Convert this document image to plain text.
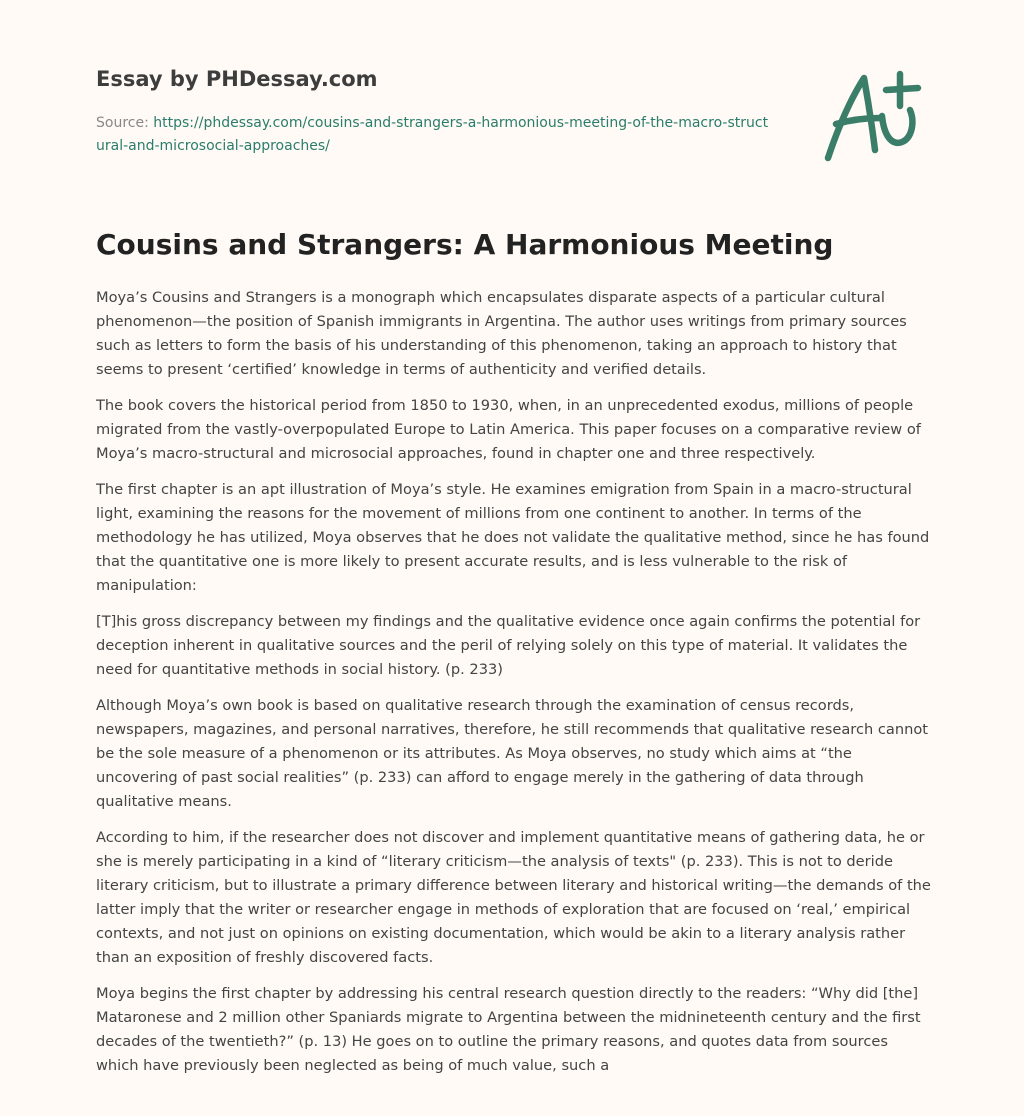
Essay by PHDessay.com
Source: https://phdessay.com/cousins-and-strangers-a-harmonious-meeting-of-the-macro-structural-and-microsocial-approaches/
Cousins and Strangers: A Harmonious Meeting

Moya’s Cousins and Strangers is a monograph which encapsulates disparate aspects of a particular cultural phenomenon—the position of Spanish immigrants in Argentina. The author uses writings from primary sources such as letters to form the basis of his understanding of this phenomenon, taking an approach to history that seems to present ‘certified’ knowledge in terms of authenticity and verified details.

The book covers the historical period from 1850 to 1930, when, in an unprecedented exodus, millions of people migrated from the vastly-overpopulated Europe to Latin America. This paper focuses on a comparative review of Moya’s macro-structural and microsocial approaches, found in chapter one and three respectively.

The first chapter is an apt illustration of Moya’s style. He examines emigration from Spain in a macro-structural light, examining the reasons for the movement of millions from one continent to another. In terms of the methodology he has utilized, Moya observes that he does not validate the qualitative method, since he has found that the quantitative one is more likely to present accurate results, and is less vulnerable to the risk of manipulation:

[T]his gross discrepancy between my findings and the qualitative evidence once again confirms the potential for deception inherent in qualitative sources and the peril of relying solely on this type of material. It validates the need for quantitative methods in social history. (p. 233)

Although Moya’s own book is based on qualitative research through the examination of census records, newspapers, magazines, and personal narratives, therefore, he still recommends that qualitative research cannot be the sole measure of a phenomenon or its attributes. As Moya observes, no study which aims at “the uncovering of past social realities” (p. 233) can afford to engage merely in the gathering of data through qualitative means.

According to him, if the researcher does not discover and implement quantitative means of gathering data, he or she is merely participating in a kind of “literary criticism—the analysis of texts" (p. 233). This is not to deride literary criticism, but to illustrate a primary difference between literary and historical writing—the demands of the latter imply that the writer or researcher engage in methods of exploration that are focused on ‘real,’ empirical contexts, and not just on opinions on existing documentation, which would be akin to a literary analysis rather than an exposition of freshly discovered facts.

Moya begins the first chapter by addressing his central research question directly to the readers: “Why did [the] Mataronese and 2 million other Spaniards migrate to Argentina between the midnineteenth century and the first decades of the twentieth?” (p. 13) He goes on to outline the primary reasons, and quotes data from sources which have previously been neglected as being of much value, such a
